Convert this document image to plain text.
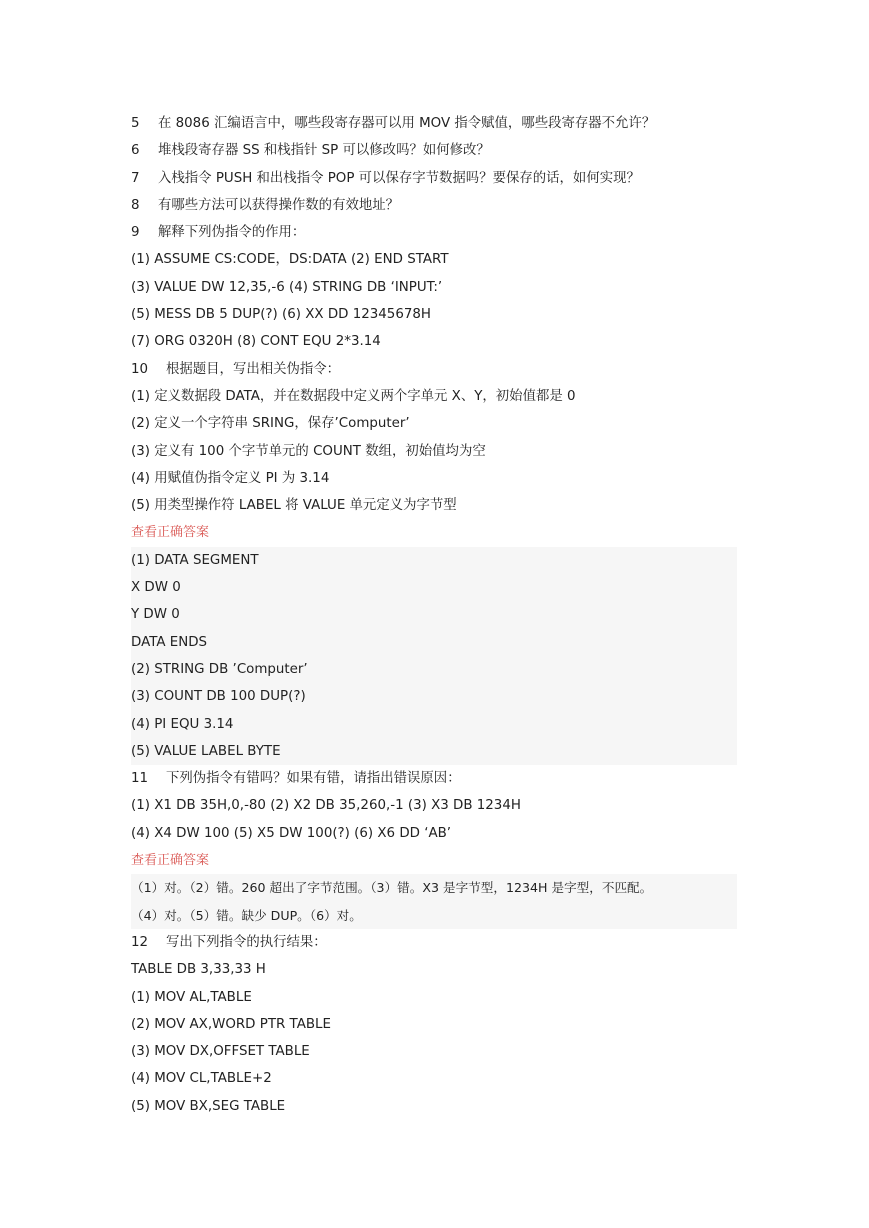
5 在 8086 汇编语言中，哪些段寄存器可以用 MOV 指令赋值，哪些段寄存器不允许？
6 堆栈段寄存器 SS 和栈指针 SP 可以修改吗？如何修改？
7 入栈指令 PUSH 和出栈指令 POP 可以保存字节数据吗？要保存的话，如何实现？
8 有哪些方法可以获得操作数的有效地址？
9 解释下列伪指令的作用：
(1) ASSUME CS:CODE，DS:DATA (2) END START
(3) VALUE DW 12,35,-6 (4) STRING DB ‘INPUT:’
(5) MESS DB 5 DUP(?) (6) XX DD 12345678H
(7) ORG 0320H (8) CONT EQU 2*3.14
10 根据题目，写出相关伪指令：
(1) 定义数据段 DATA，并在数据段中定义两个字单元 X、Y，初始值都是 0
(2) 定义一个字符串 SRING，保存’Computer’
(3) 定义有 100 个字节单元的 COUNT 数组，初始值均为空
(4) 用赋值伪指令定义 PI 为 3.14
(5) 用类型操作符 LABEL 将 VALUE 单元定义为字节型
查看正确答案
(1) DATA SEGMENT
X DW 0
Y DW 0
DATA ENDS
(2) STRING DB ’Computer’
(3) COUNT DB 100 DUP(?)
(4) PI EQU 3.14
(5) VALUE LABEL BYTE
11 下列伪指令有错吗？如果有错，请指出错误原因：
(1) X1 DB 35H,0,-80 (2) X2 DB 35,260,-1 (3) X3 DB 1234H
(4) X4 DW 100 (5) X5 DW 100(?) (6) X6 DD ‘AB’
查看正确答案
（1）对。（2）错。260 超出了字节范围。（3）错。X3 是字节型，1234H 是字型，不匹配。
（4）对。（5）错。缺少 DUP。（6）对。
12 写出下列指令的执行结果：
TABLE DB 3,33,33 H
(1) MOV AL,TABLE
(2) MOV AX,WORD PTR TABLE
(3) MOV DX,OFFSET TABLE
(4) MOV CL,TABLE+2
(5) MOV BX,SEG TABLE
